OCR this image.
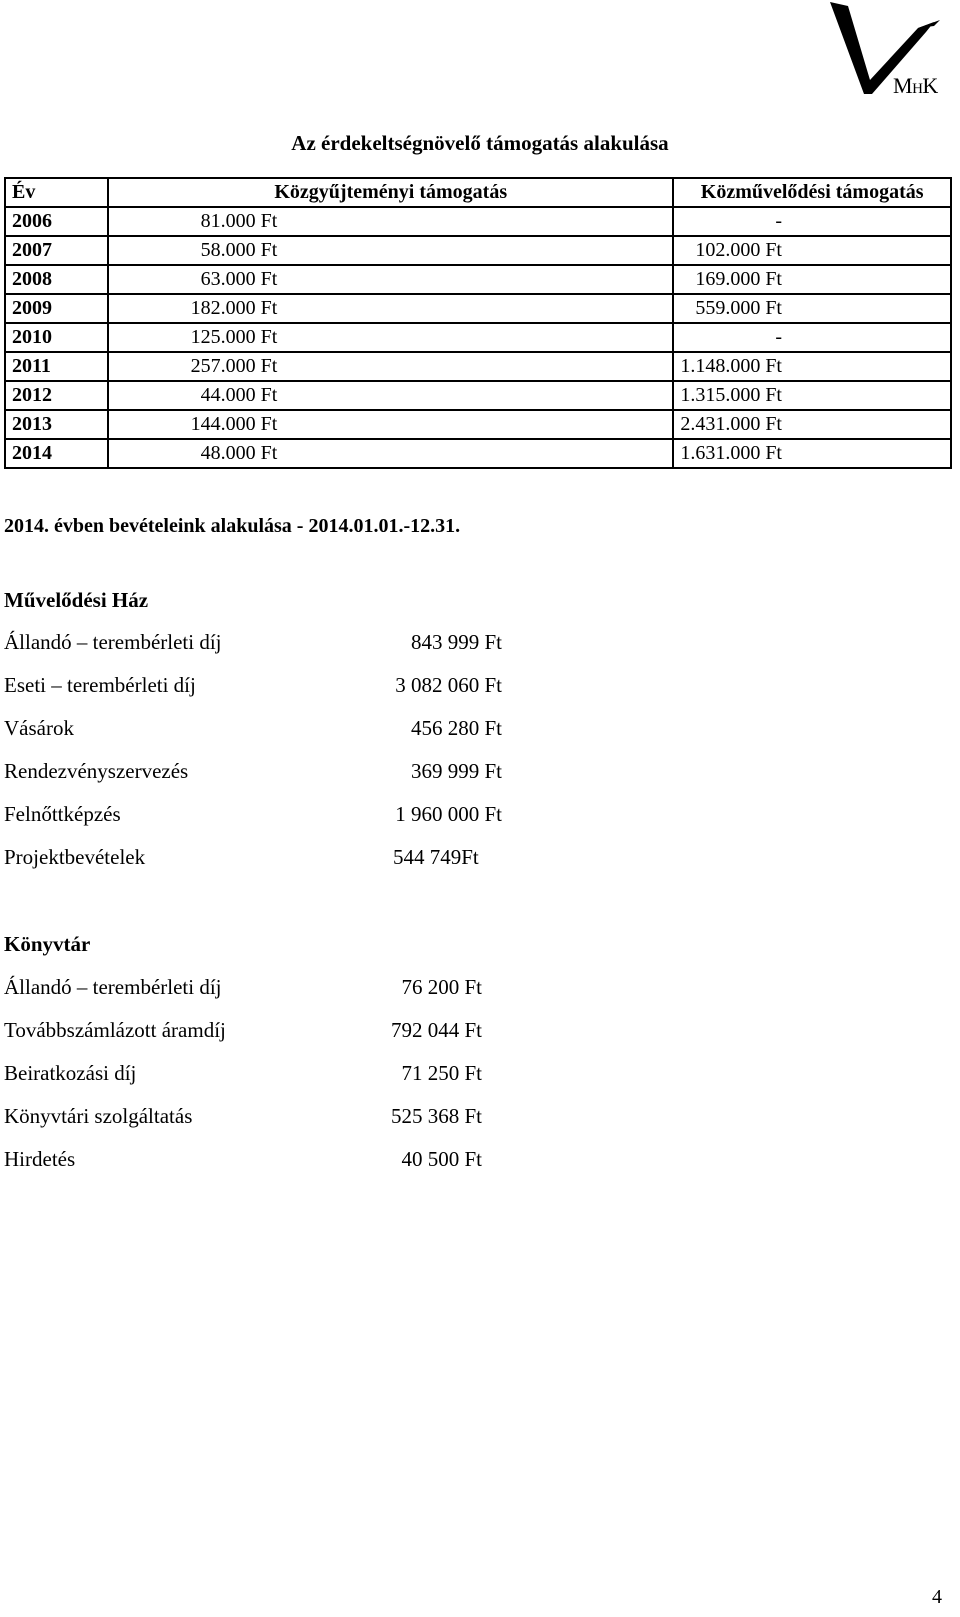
MHK
Az érdekeltségnövelő támogatás alakulása
Év	Közgyűjteményi támogatás	Közművelődési támogatás
2006	81.000 Ft	-
2007	58.000 Ft	102.000 Ft
2008	63.000 Ft	169.000 Ft
2009	182.000 Ft	559.000 Ft
2010	125.000 Ft	-
2011	257.000 Ft	1.148.000 Ft
2012	44.000 Ft	1.315.000 Ft
2013	144.000 Ft	2.431.000 Ft
2014	48.000 Ft	1.631.000 Ft
2014. évben bevételeink alakulása - 2014.01.01.-12.31.
Művelődési Ház
Állandó – terembérleti díj	843 999 Ft
Eseti – terembérleti díj	3 082 060 Ft
Vásárok	456 280 Ft
Rendezvényszervezés	369 999 Ft
Felnőttképzés	1 960 000 Ft
Projektbevételek	544 749Ft
Könyvtár
Állandó – terembérleti díj	76 200 Ft
Továbbszámlázott áramdíj	792 044 Ft
Beiratkozási díj	71 250 Ft
Könyvtári szolgáltatás	525 368 Ft
Hirdetés	40 500 Ft
4
